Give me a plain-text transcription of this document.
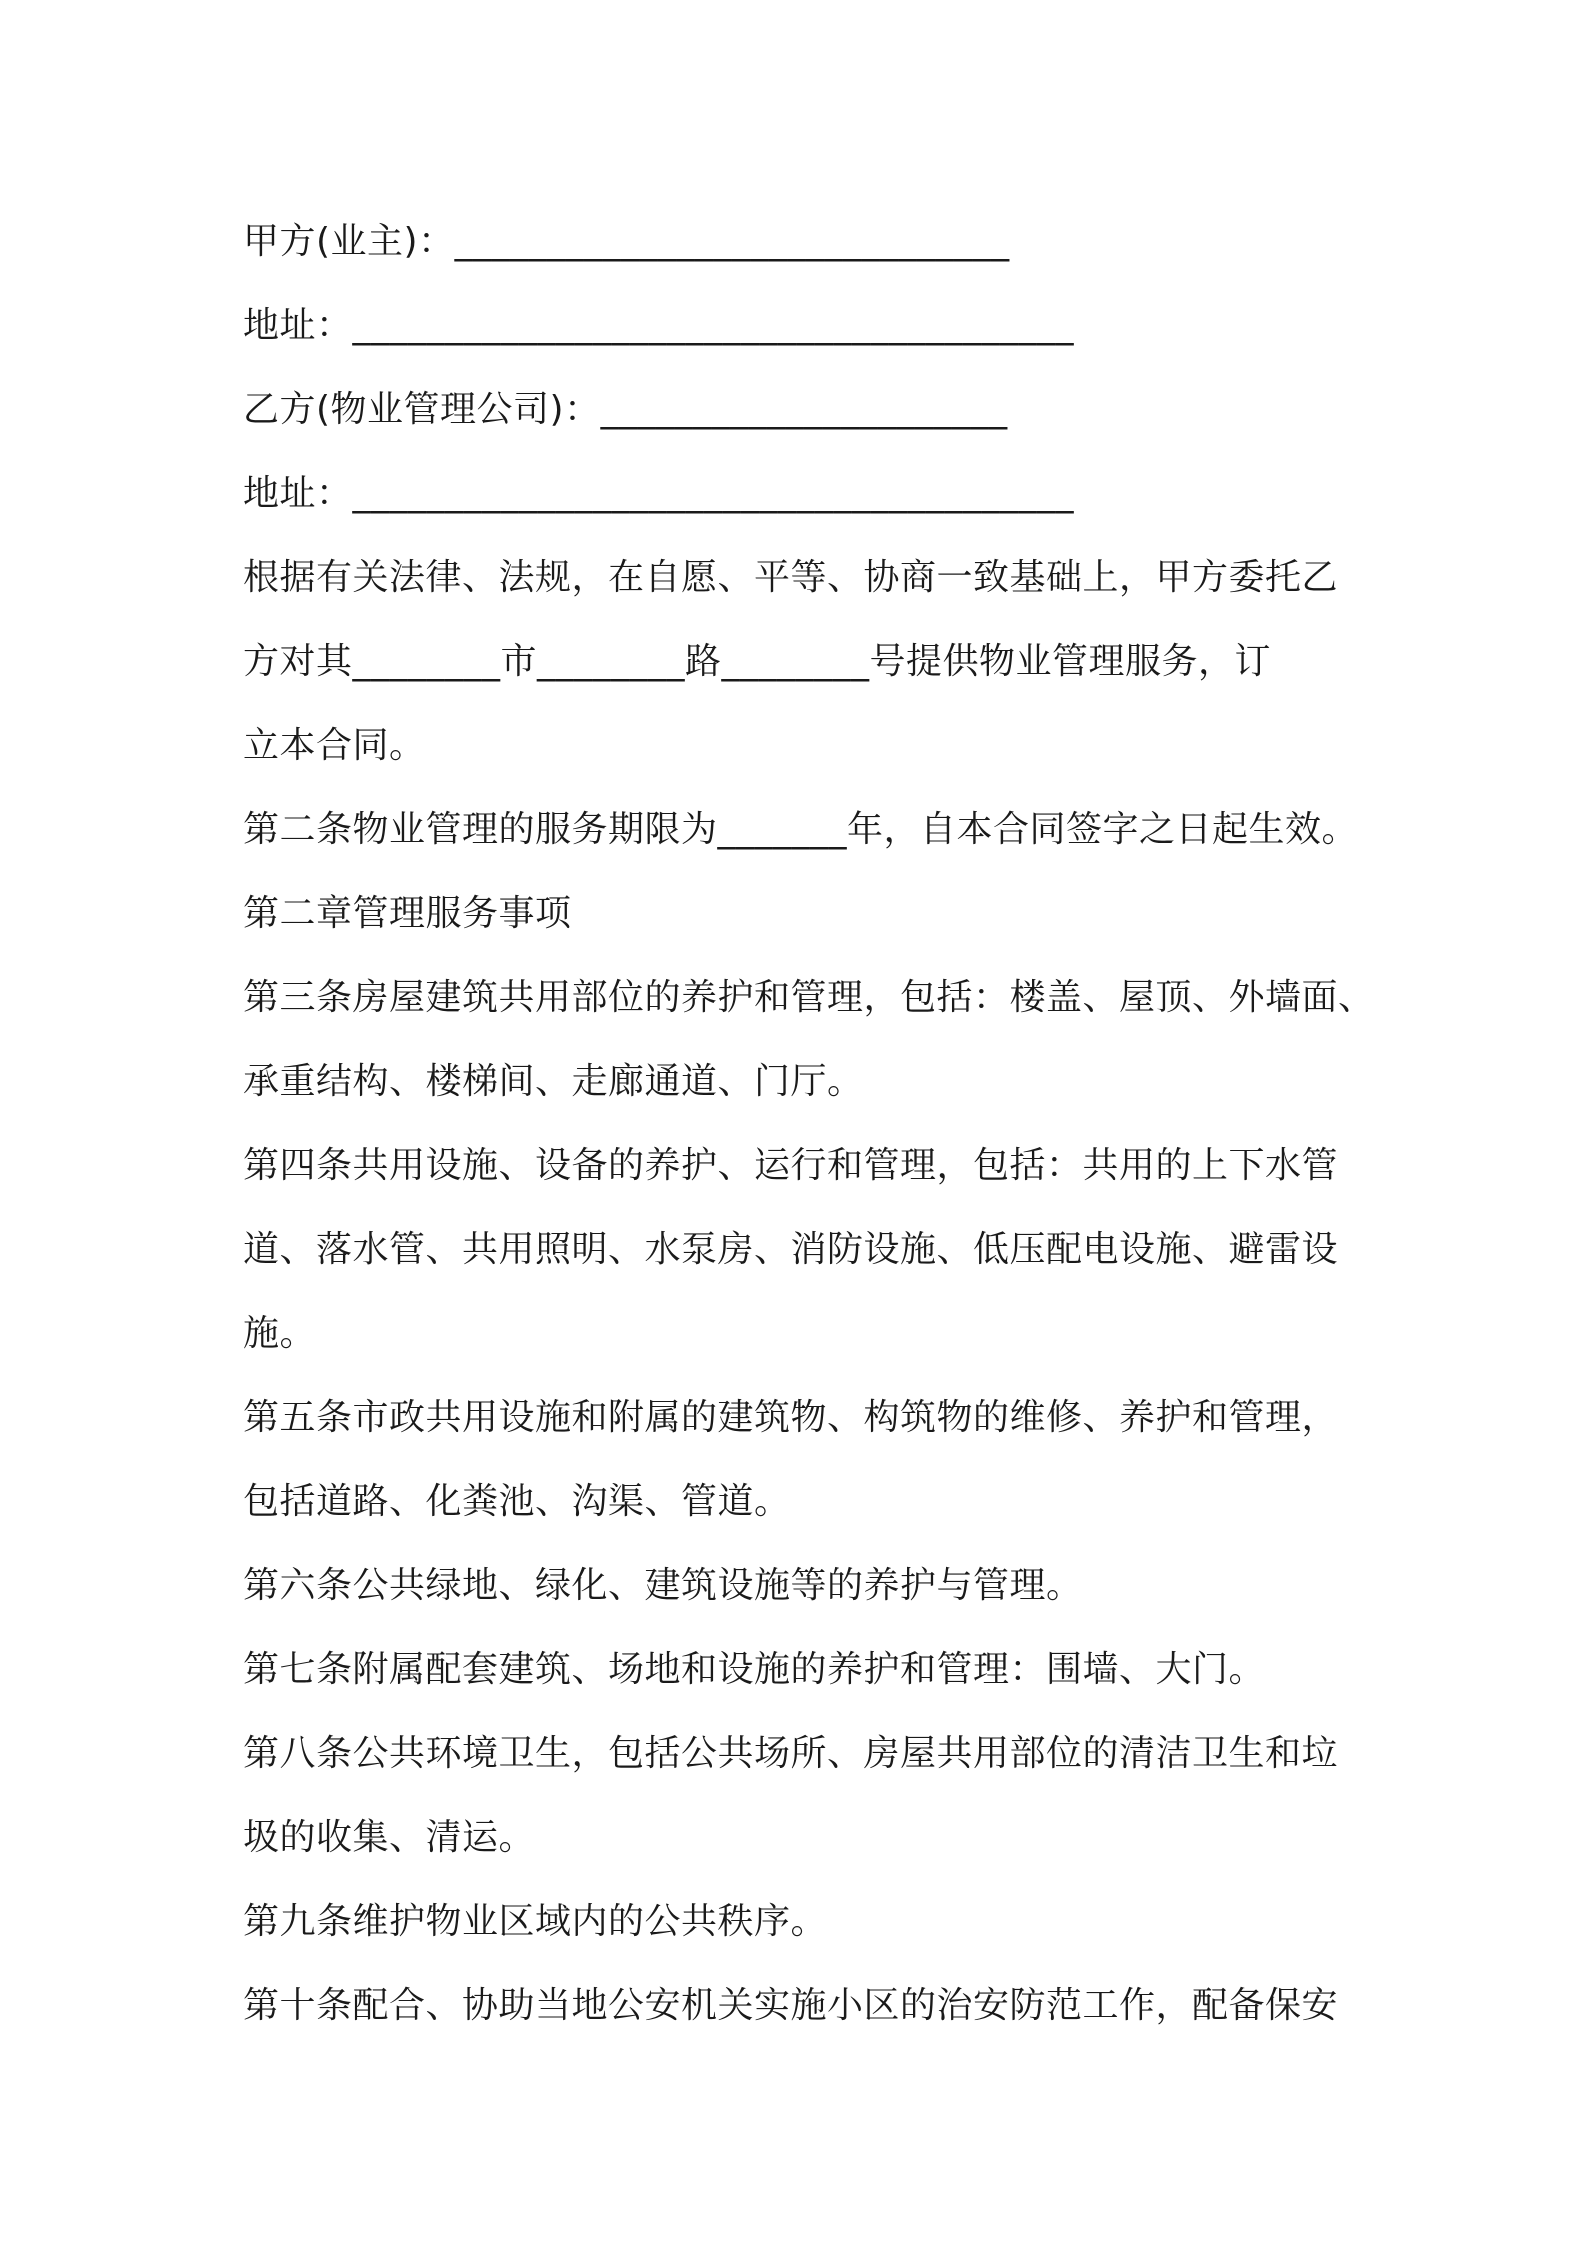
甲方(业主)：______________________________
地址：_______________________________________
乙方(物业管理公司)：______________________
地址：_______________________________________
根据有关法律、法规，在自愿、平等、协商一致基础上，甲方委托乙
方对其________市________路________号提供物业管理服务，订
立本合同。
第二条物业管理的服务期限为_______年，自本合同签字之日起生效。
第二章管理服务事项
第三条房屋建筑共用部位的养护和管理，包括：楼盖、屋顶、外墙面、
承重结构、楼梯间、走廊通道、门厅。
第四条共用设施、设备的养护、运行和管理，包括：共用的上下水管
道、落水管、共用照明、水泵房、消防设施、低压配电设施、避雷设
施。
第五条市政共用设施和附属的建筑物、构筑物的维修、养护和管理，
包括道路、化粪池、沟渠、管道。
第六条公共绿地、绿化、建筑设施等的养护与管理。
第七条附属配套建筑、场地和设施的养护和管理：围墙、大门。
第八条公共环境卫生，包括公共场所、房屋共用部位的清洁卫生和垃
圾的收集、清运。
第九条维护物业区域内的公共秩序。
第十条配合、协助当地公安机关实施小区的治安防范工作，配备保安
